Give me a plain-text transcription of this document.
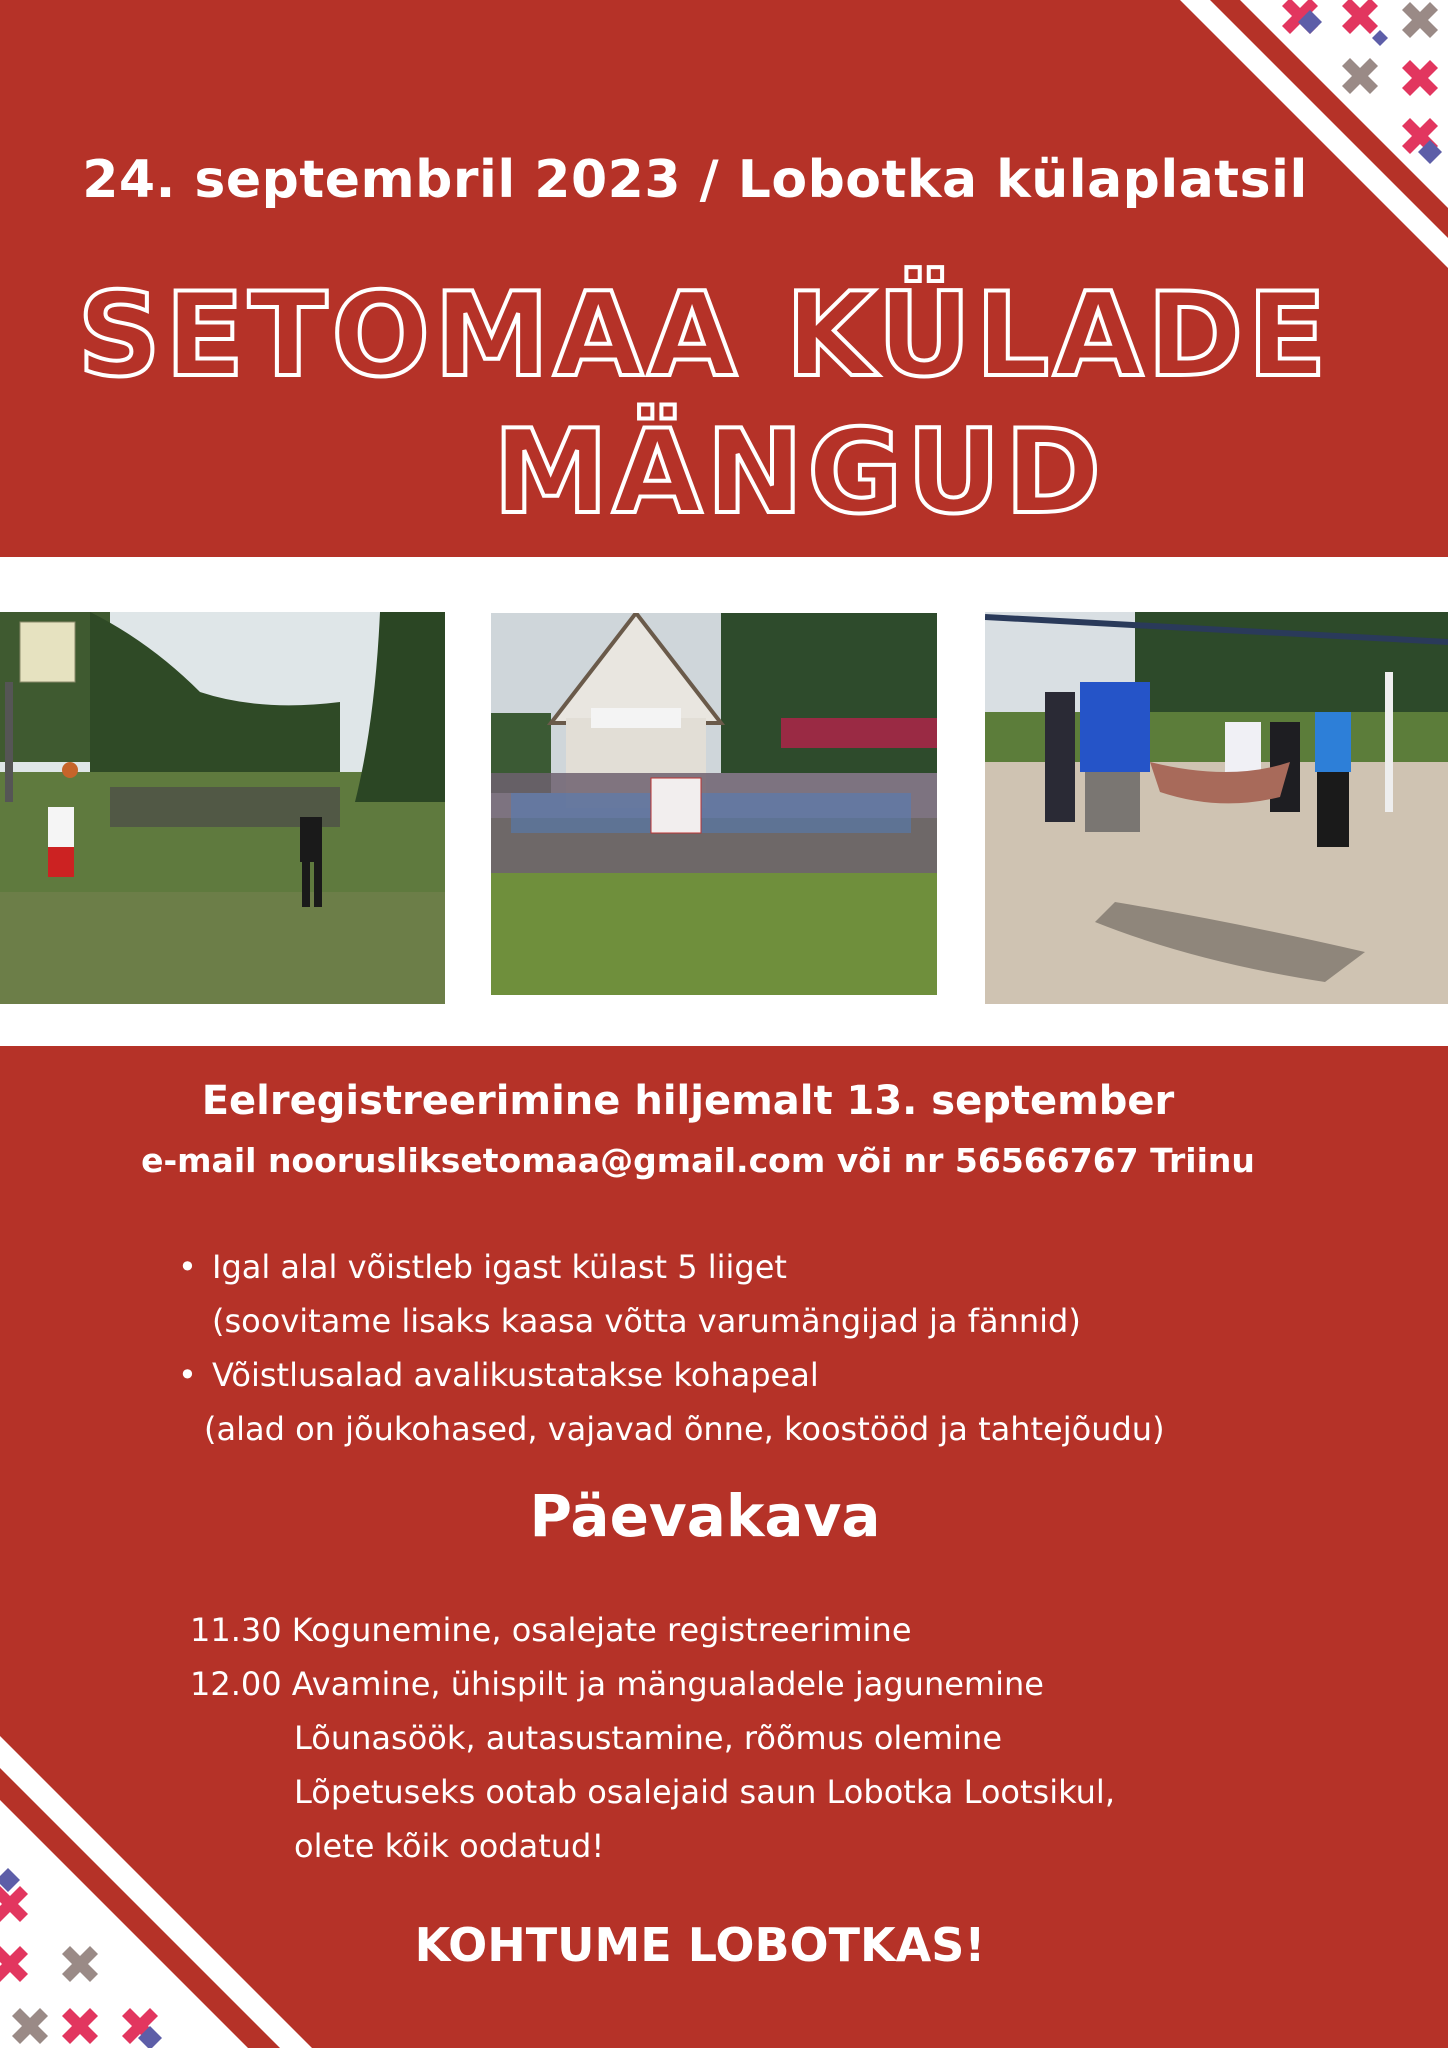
24. septembril 2023 / Lobotka külaplatsil
SETOMAA KÜLADE
MÄNGUD
Eelregistreerimine hiljemalt 13. september
e-mail noorusliksetomaa@gmail.com või nr 56566767 Triinu
• Igal alal võistleb igast külast 5 liiget
(soovitame lisaks kaasa võtta varumängijad ja fännid)
• Võistlusalad avalikustatakse kohapeal
(alad on jõukohased, vajavad õnne, koostööd ja tahtejõudu)
Päevakava
11.30 Kogunemine, osalejate registreerimine
12.00 Avamine, ühispilt ja mängualadele jagunemine
Lõunasöök, autasustamine, rõõmus olemine
Lõpetuseks ootab osalejaid saun Lobotka Lootsikul,
olete kõik oodatud!
KOHTUME LOBOTKAS!
